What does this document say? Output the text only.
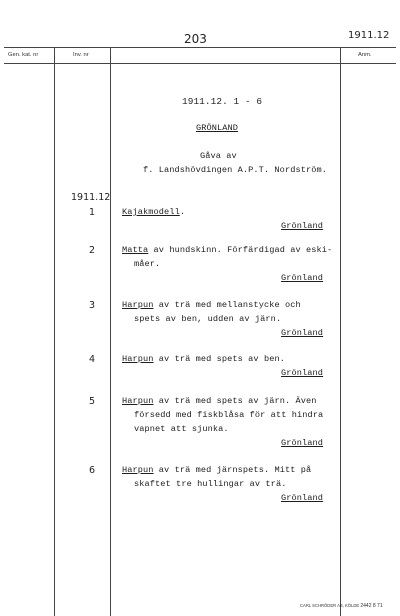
203	1911.12
Gen. kat. nr	Inv. nr	Anm.
1911.12. 1 - 6
GRÖNLAND
Gåva av
f. Landshövdingen A.P.T. Nordström.
1911.12
1	Kajakmodell.
Grönland
2	Matta av hundskinn. Förfärdigad av eski-
måer.
Grönland
3	Harpun av trä med mellanstycke och
spets av ben, udden av järn.
Grönland
4	Harpun av trä med spets av ben.
Grönland
5	Harpun av trä med spets av järn. Även
försedd med fiskblåsa för att hindra
vapnet att sjunka.
Grönland
6	Harpun av trä med järnspets. Mitt på
skaftet tre hullingar av trä.
Grönland
CARL SCHRÖDER AB, KÖLDE 2442 8 71
